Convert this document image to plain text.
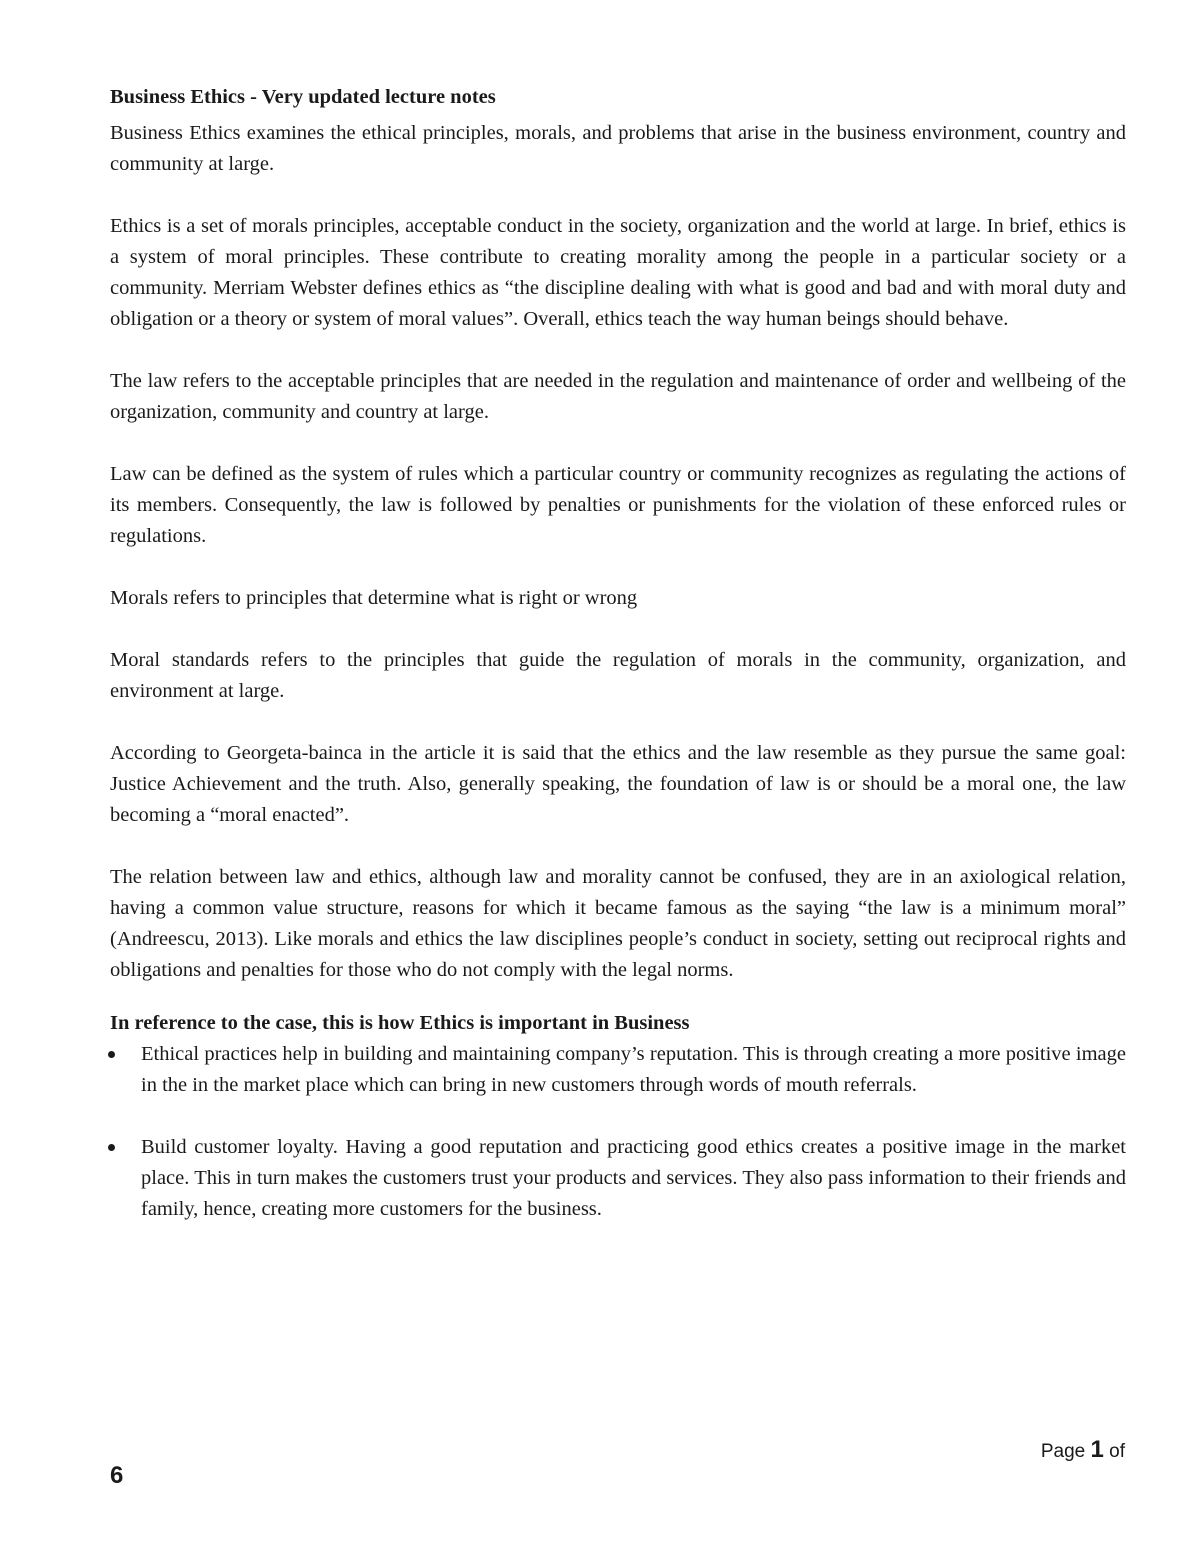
Business Ethics - Very updated lecture notes

Business Ethics examines the ethical principles, morals, and problems that arise in the business environment, country and community at large.

Ethics is a set of morals principles, acceptable conduct in the society, organization and the world at large. In brief, ethics is a system of moral principles. These contribute to creating morality among the people in a particular society or a community. Merriam Webster defines ethics as “the discipline dealing with what is good and bad and with moral duty and obligation or a theory or system of moral values”. Overall, ethics teach the way human beings should behave.

The law refers to the acceptable principles that are needed in the regulation and maintenance of order and wellbeing of the organization, community and country at large.

Law can be defined as the system of rules which a particular country or community recognizes as regulating the actions of its members. Consequently, the law is followed by penalties or punishments for the violation of these enforced rules or regulations.

Morals refers to principles that determine what is right or wrong

Moral standards refers to the principles that guide the regulation of morals in the community, organization, and environment at large.

According to Georgeta-bainca in the article it is said that the ethics and the law resemble as they pursue the same goal: Justice Achievement and the truth. Also, generally speaking, the foundation of law is or should be a moral one, the law becoming a “moral enacted”.

The relation between law and ethics, although law and morality cannot be confused, they are in an axiological relation, having a common value structure, reasons for which it became famous as the saying “the law is a minimum moral” (Andreescu, 2013). Like morals and ethics the law disciplines people’s conduct in society, setting out reciprocal rights and obligations and penalties for those who do not comply with the legal norms.

In reference to the case, this is how Ethics is important in Business
Ethical practices help in building and maintaining company’s reputation. This is through creating a more positive image in the in the market place which can bring in new customers through words of mouth referrals.
Build customer loyalty. Having a good reputation and practicing good ethics creates a positive image in the market place. This in turn makes the customers trust your products and services. They also pass information to their friends and family, hence, creating more customers for the business.
Page 1 of
6
